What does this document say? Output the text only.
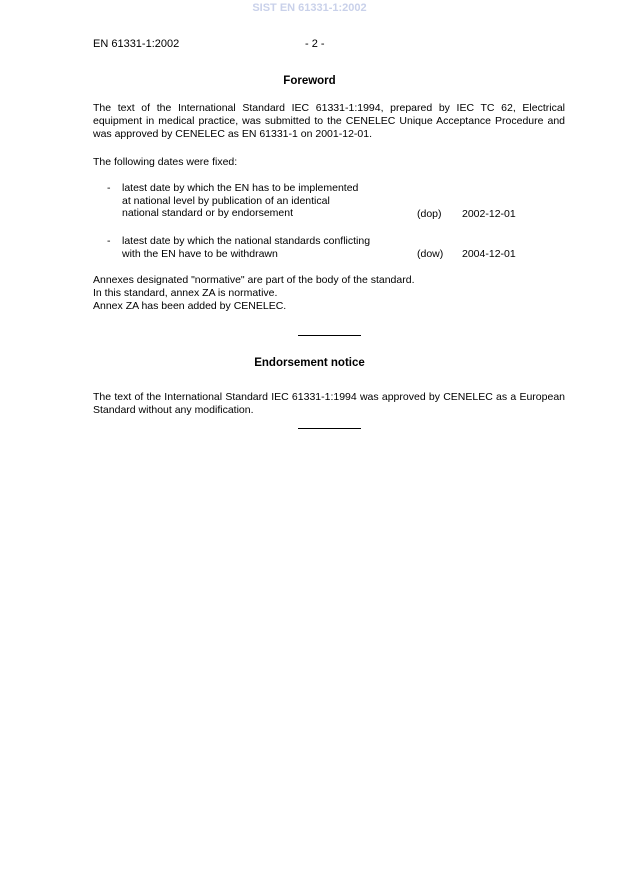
SIST EN 61331-1:2002
EN 61331-1:2002	- 2 -
Foreword
The text of the International Standard IEC 61331-1:1994, prepared by IEC TC 62, Electrical equipment in medical practice, was submitted to the CENELEC Unique Acceptance Procedure and was approved by CENELEC as EN 61331-1 on 2001-12-01.
The following dates were fixed:
- latest date by which the EN has to be implemented
at national level by publication of an identical
national standard or by endorsement	(dop) 2002-12-01
- latest date by which the national standards conflicting
with the EN have to be withdrawn	(dow) 2004-12-01
Annexes designated "normative" are part of the body of the standard.
In this standard, annex ZA is normative.
Annex ZA has been added by CENELEC.
Endorsement notice
The text of the International Standard IEC 61331-1:1994 was approved by CENELEC as a European Standard without any modification.
